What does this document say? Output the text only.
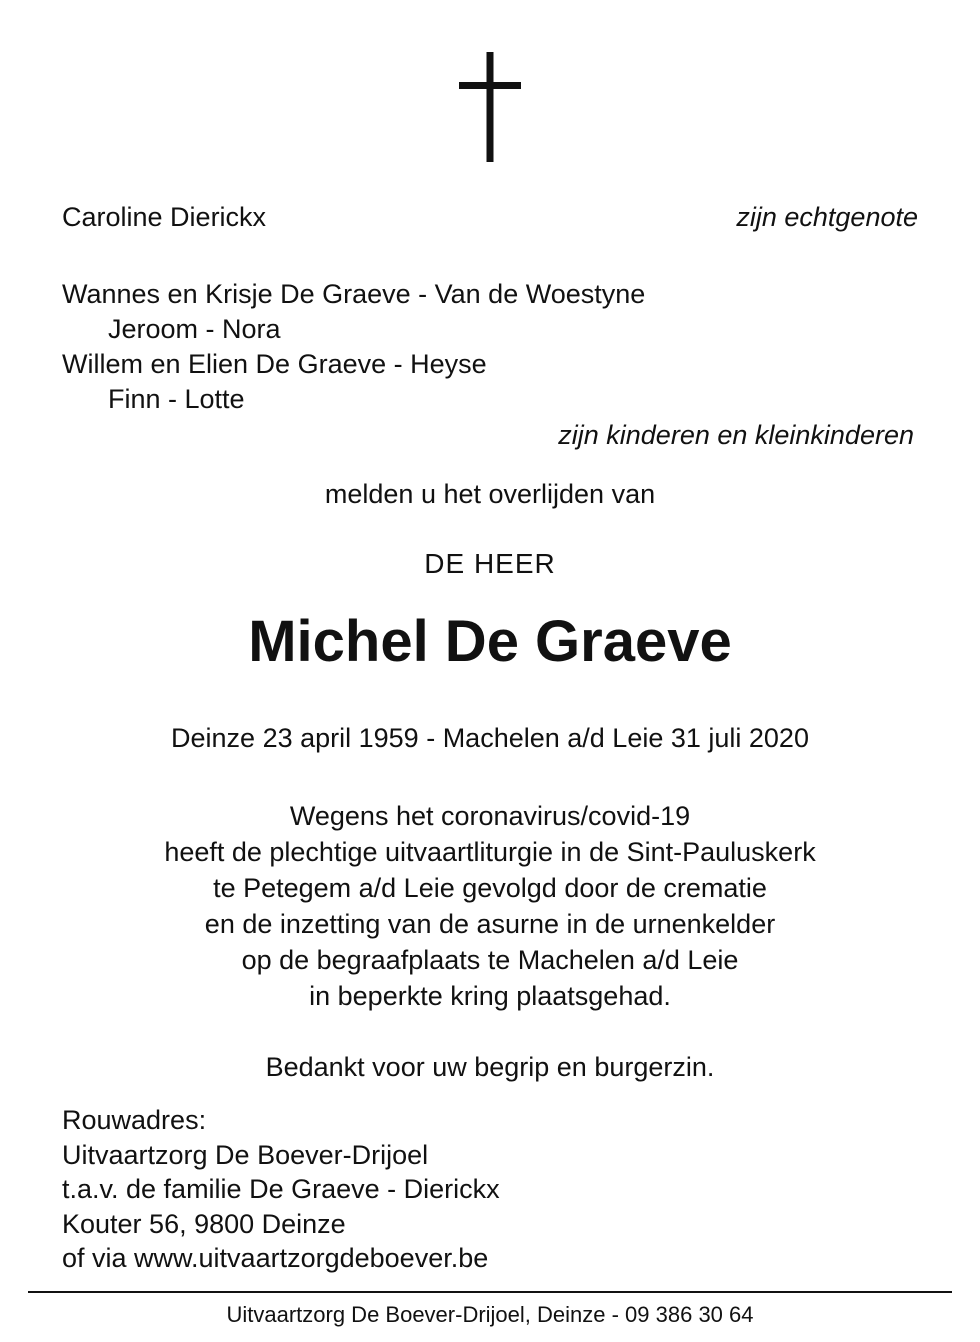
Caroline Dierickx	zijn echtgenote
Wannes en Krisje De Graeve - Van de Woestyne
Jeroom - Nora
Willem en Elien De Graeve - Heyse
Finn - Lotte
zijn kinderen en kleinkinderen
melden u het overlijden van
DE HEER
Michel De Graeve
Deinze 23 april 1959 - Machelen a/d Leie 31 juli 2020
Wegens het coronavirus/covid-19
heeft de plechtige uitvaartliturgie in de Sint-Pauluskerk
te Petegem a/d Leie gevolgd door de crematie
en de inzetting van de asurne in de urnenkelder
op de begraafplaats te Machelen a/d Leie
in beperkte kring plaatsgehad.
Bedankt voor uw begrip en burgerzin.
Rouwadres:
Uitvaartzorg De Boever-Drijoel
t.a.v. de familie De Graeve - Dierickx
Kouter 56, 9800 Deinze
of via www.uitvaartzorgdeboever.be
Uitvaartzorg De Boever-Drijoel, Deinze - 09 386 30 64
